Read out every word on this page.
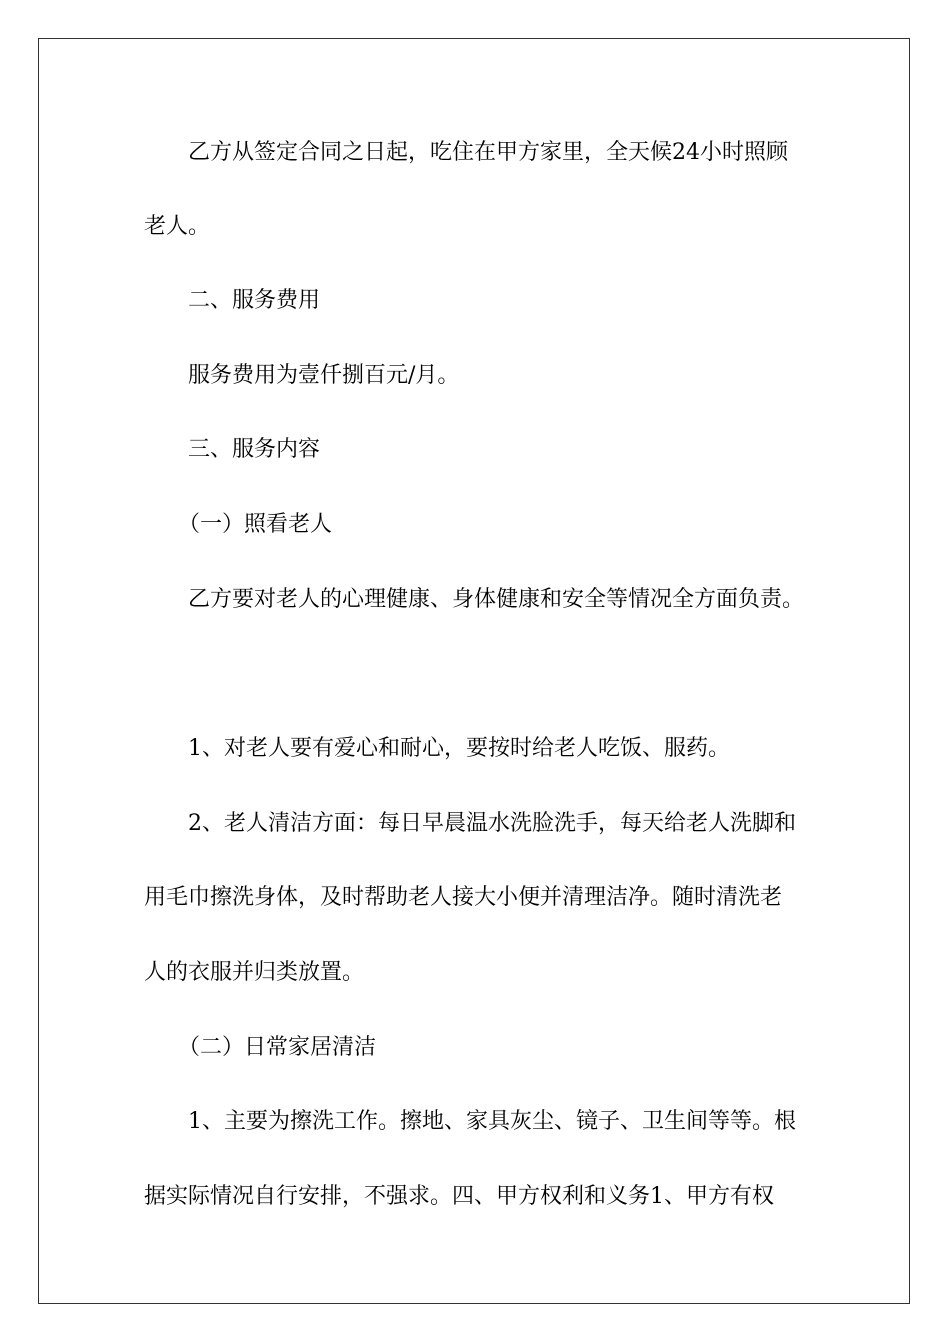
乙方从签定合同之日起，吃住在甲方家里，全天候24小时照顾

老人。

二、服务费用

服务费用为壹仟捌百元/月。

三、服务内容

（一）照看老人

乙方要对老人的心理健康、身体健康和安全等情况全方面负责。

1、对老人要有爱心和耐心，要按时给老人吃饭、服药。

2、老人清洁方面：每日早晨温水洗脸洗手，每天给老人洗脚和

用毛巾擦洗身体，及时帮助老人接大小便并清理洁净。随时清洗老

人的衣服并归类放置。

（二）日常家居清洁

1、主要为擦洗工作。擦地、家具灰尘、镜子、卫生间等等。根

据实际情况自行安排，不强求。四、甲方权利和义务1、甲方有权
